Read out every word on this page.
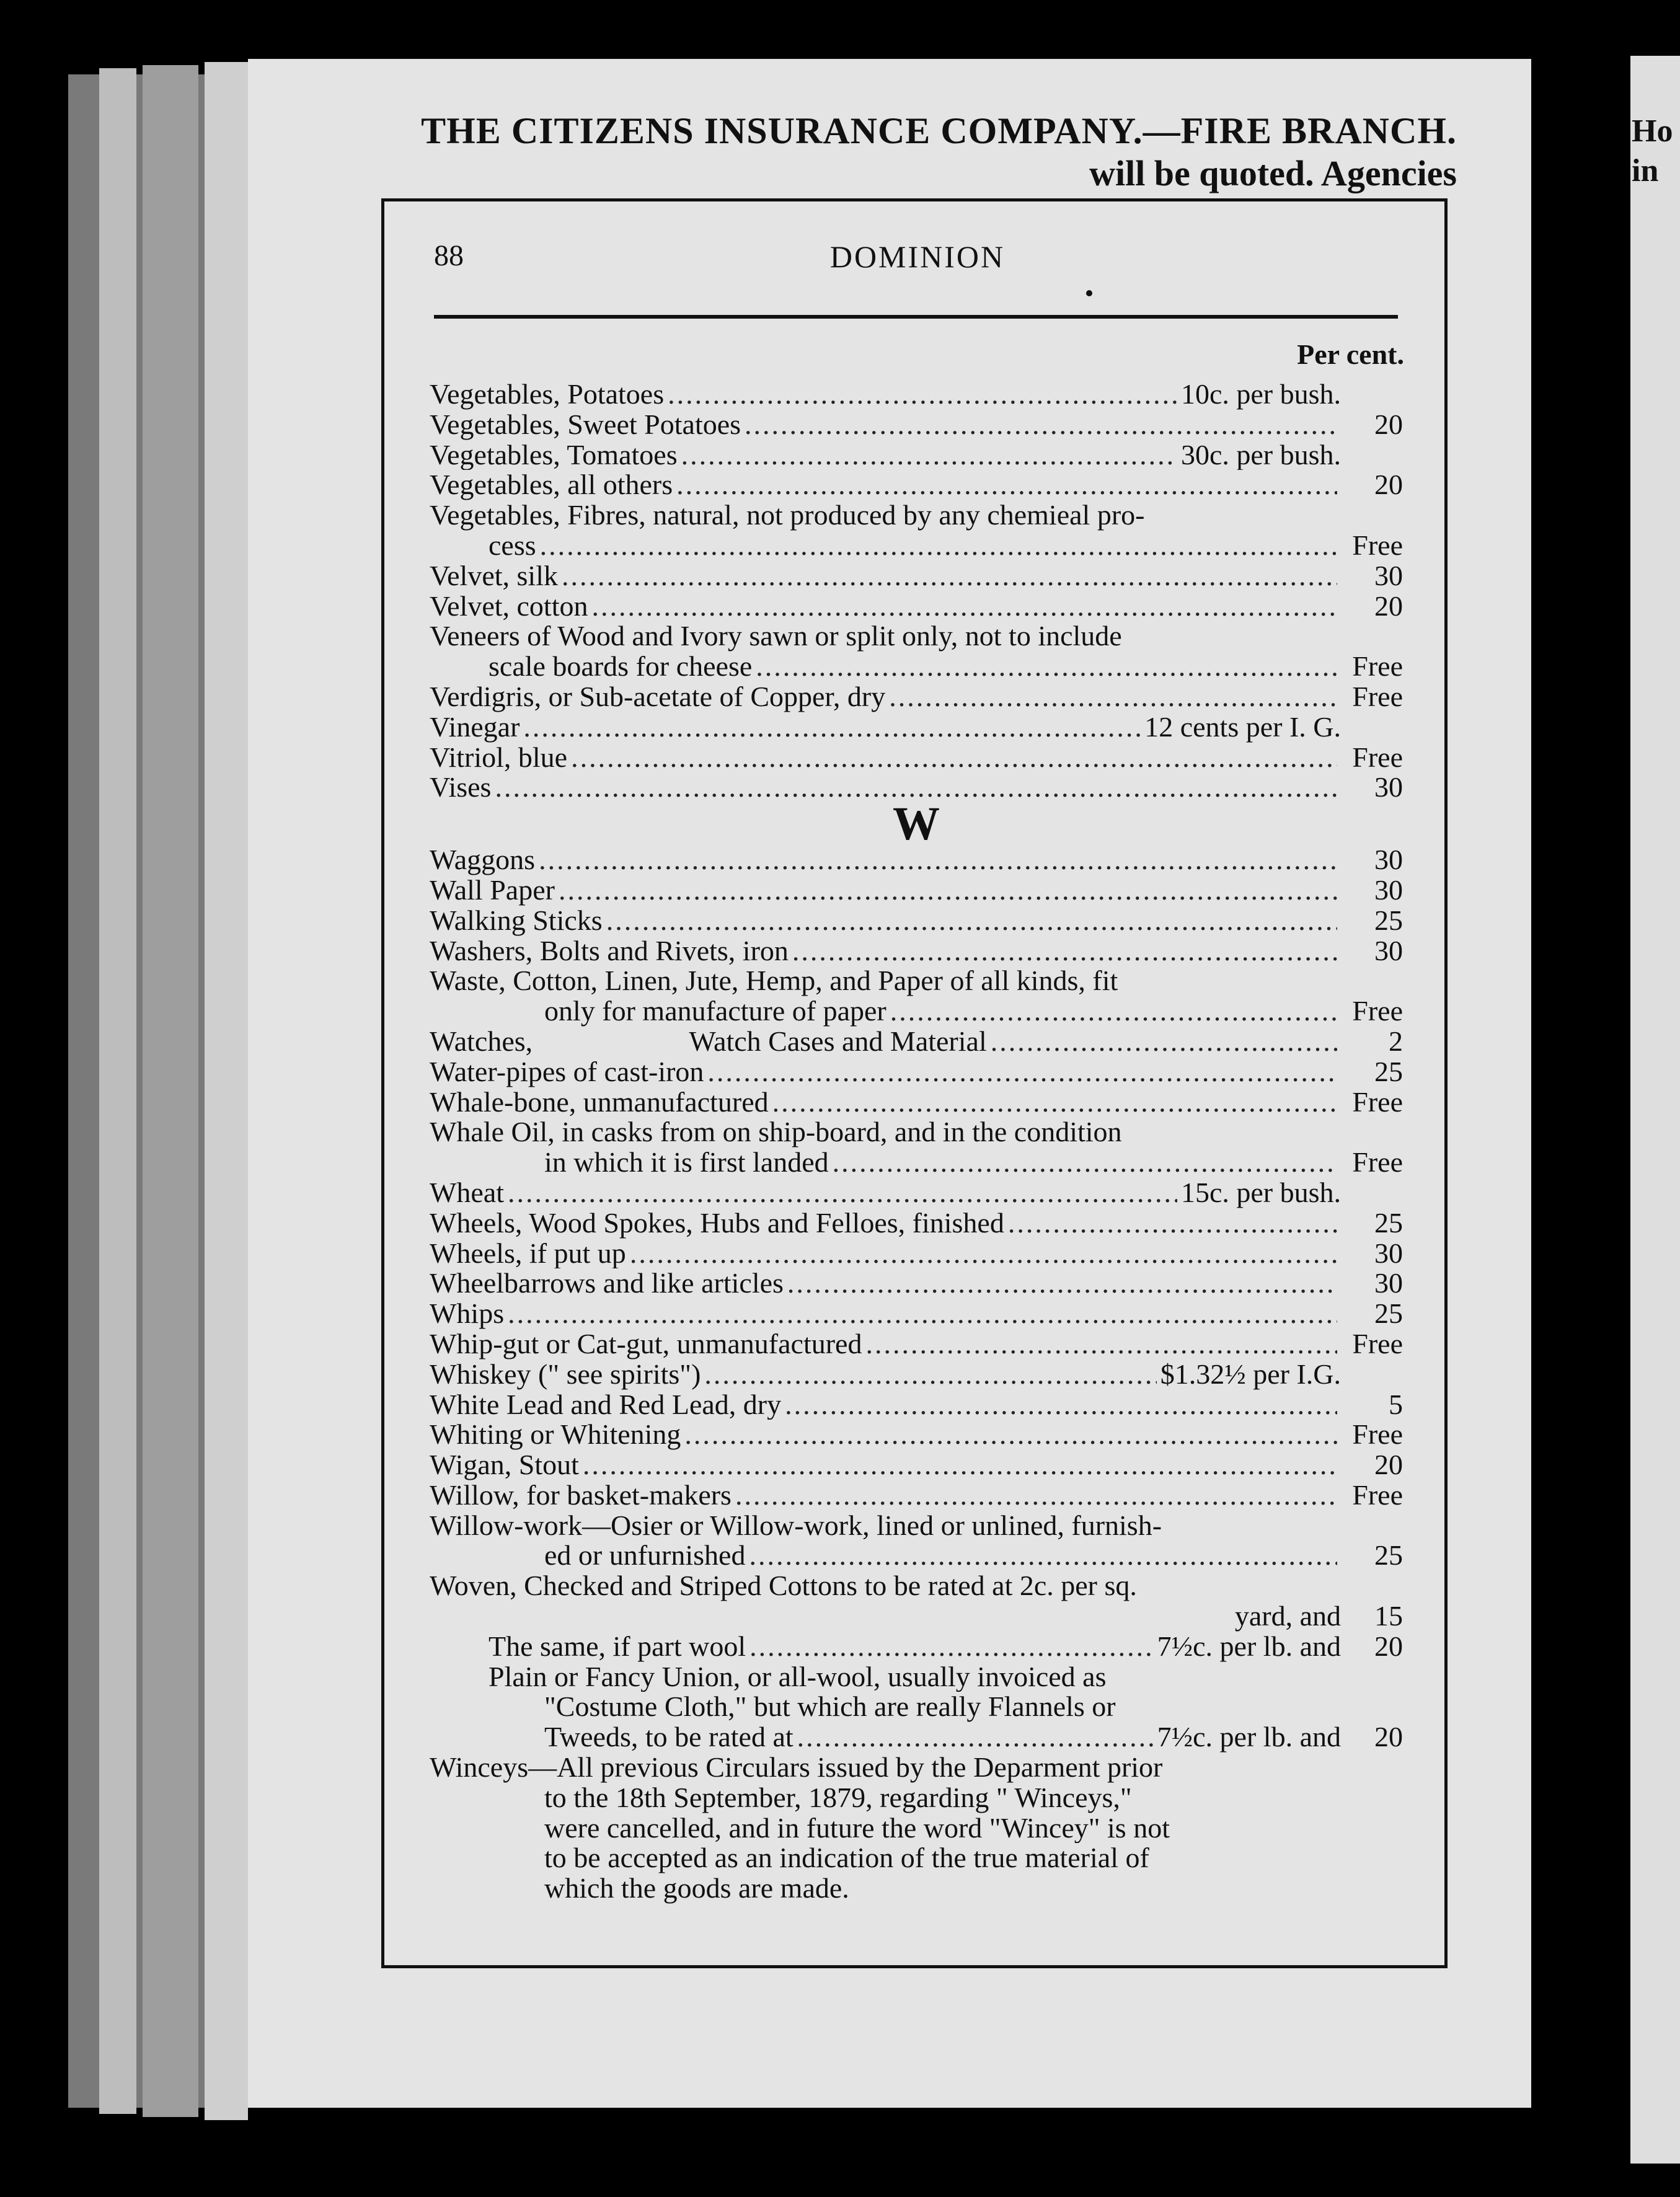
Ho
in
THE CITIZENS INSURANCE COMPANY.—FIRE BRANCH.
will be quoted. Agencies
88	DOMINION
Per cent.
Vegetables, Potatoes .....	10c. per bush.
Vegetables, Sweet Potatoes .....	20
Vegetables, Tomatoes .....	30c. per bush.
Vegetables, all others .....	20
Vegetables, Fibres, natural, not produced by any chemieal pro-
cess .....	Free
Velvet, silk .....	30
Velvet, cotton .....	20
Veneers of Wood and Ivory sawn or split only, not to include
scale boards for cheese .....	Free
Verdigris, or Sub-acetate of Copper, dry .....	Free
Vinegar .....	12 cents per I. G.
Vitriol, blue .....	Free
Vises .....	30
W
Waggons .....	30
Wall Paper .....	30
Walking Sticks .....	25
Washers, Bolts and Rivets, iron .....	30
Waste, Cotton, Linen, Jute, Hemp, and Paper of all kinds, fit
only for manufacture of paper .....	Free
Watches,                      Watch Cases and Material .....	2
Water-pipes of cast-iron .....	25
Whale-bone, unmanufactured .....	Free
Whale Oil, in casks from on ship-board, and in the condition
in which it is first landed .....	Free
Wheat .....	15c. per bush.
Wheels, Wood Spokes, Hubs and Felloes, finished .....	25
Wheels, if put up .....	30
Wheelbarrows and like articles .....	30
Whips .....	25
Whip-gut or Cat-gut, unmanufactured .....	Free
Whiskey (" see spirits") .....	$1.32½ per I.G.
White Lead and Red Lead, dry .....	5
Whiting or Whitening .....	Free
Wigan, Stout .....	20
Willow, for basket-makers .....	Free
Willow-work—Osier or Willow-work, lined or unlined, furnish-
ed or unfurnished .....	25
Woven, Checked and Striped Cottons to be rated at 2c. per sq.
yard, and	15
The same, if part wool .....	7½c. per lb. and	20
Plain or Fancy Union, or all-wool, usually invoiced as
"Costume Cloth," but which are really Flannels or
Tweeds, to be rated at .....	7½c. per lb. and	20
Winceys—All previous Circulars issued by the Deparment prior
to the 18th September, 1879, regarding " Winceys,"
were cancelled, and in future the word "Wincey" is not
to be accepted as an indication of the true material of
which the goods are made.
